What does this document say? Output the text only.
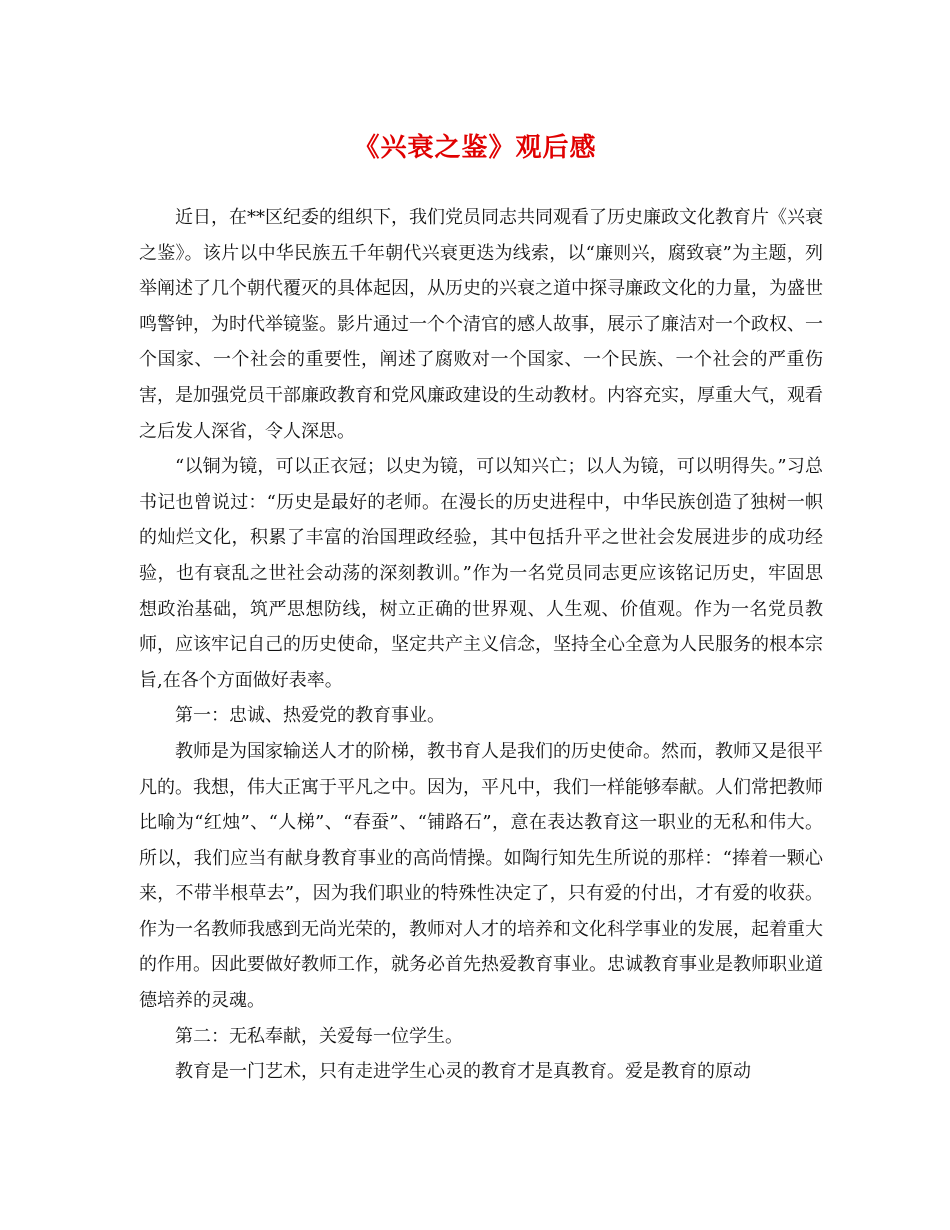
《兴衰之鉴》观后感

近日，在**区纪委的组织下，我们党员同志共同观看了历史廉政文化教育片《兴衰之鉴》。该片以中华民族五千年朝代兴衰更迭为线索，以“廉则兴，腐致衰”为主题，列举阐述了几个朝代覆灭的具体起因，从历史的兴衰之道中探寻廉政文化的力量，为盛世鸣警钟，为时代举镜鉴。影片通过一个个清官的感人故事，展示了廉洁对一个政权、一个国家、一个社会的重要性，阐述了腐败对一个国家、一个民族、一个社会的严重伤害，是加强党员干部廉政教育和党风廉政建设的生动教材。内容充实，厚重大气，观看之后发人深省，令人深思。

“以铜为镜，可以正衣冠；以史为镜，可以知兴亡；以人为镜，可以明得失。”习总书记也曾说过：“历史是最好的老师。在漫长的历史进程中，中华民族创造了独树一帜的灿烂文化，积累了丰富的治国理政经验，其中包括升平之世社会发展进步的成功经验，也有衰乱之世社会动荡的深刻教训。”作为一名党员同志更应该铭记历史，牢固思想政治基础，筑严思想防线，树立正确的世界观、人生观、价值观。作为一名党员教师，应该牢记自己的历史使命，坚定共产主义信念，坚持全心全意为人民服务的根本宗旨,在各个方面做好表率。

第一：忠诚、热爱党的教育事业。

教师是为国家输送人才的阶梯，教书育人是我们的历史使命。然而，教师又是很平凡的。我想，伟大正寓于平凡之中。因为，平凡中，我们一样能够奉献。人们常把教师比喻为“红烛”、“人梯”、“春蚕”、“铺路石”，意在表达教育这一职业的无私和伟大。所以，我们应当有献身教育事业的高尚情操。如陶行知先生所说的那样：“捧着一颗心来，不带半根草去”，因为我们职业的特殊性决定了，只有爱的付出，才有爱的收获。作为一名教师我感到无尚光荣的，教师对人才的培养和文化科学事业的发展，起着重大的作用。因此要做好教师工作，就务必首先热爱教育事业。忠诚教育事业是教师职业道德培养的灵魂。

第二：无私奉献，关爱每一位学生。

教育是一门艺术，只有走进学生心灵的教育才是真教育。爱是教育的原动
